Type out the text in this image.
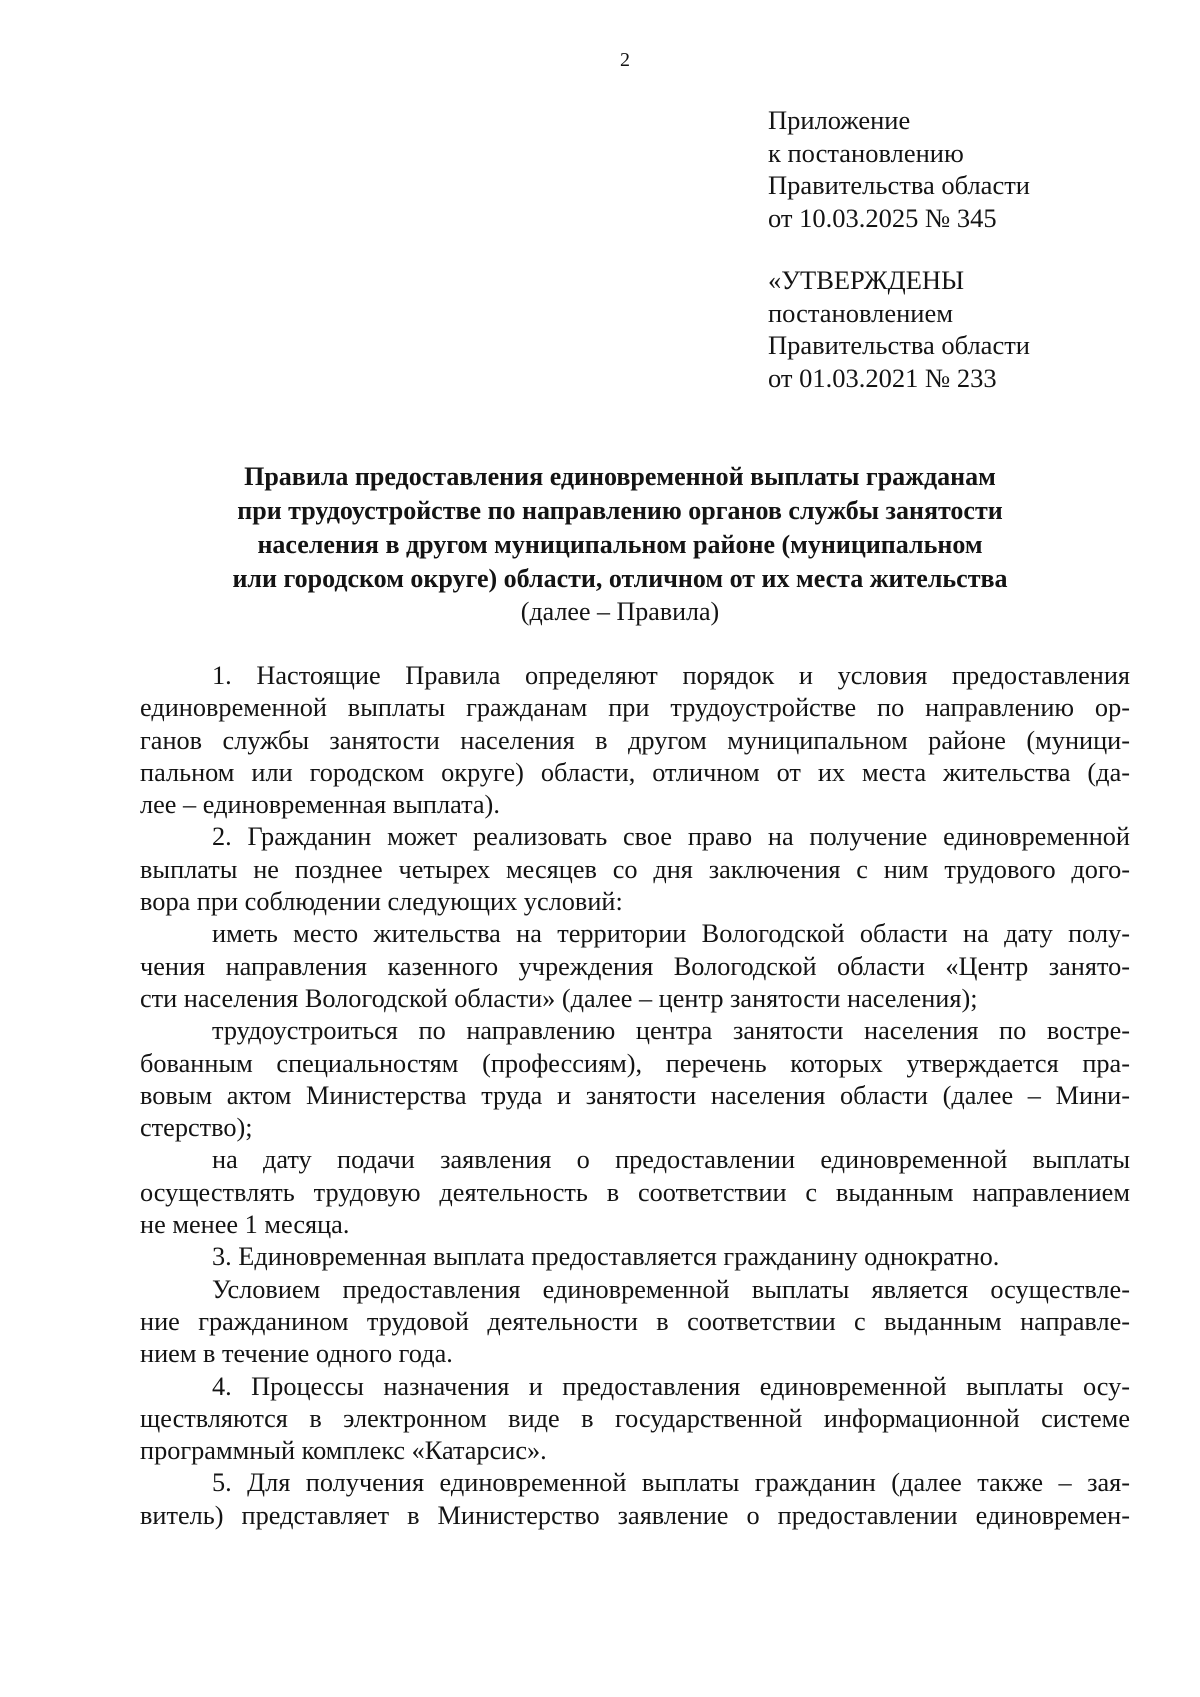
2
Приложение
к постановлению
Правительства области
от 10.03.2025 № 345
«УТВЕРЖДЕНЫ
постановлением
Правительства области
от 01.03.2021 № 233
Правила предоставления единовременной выплаты гражданам
при трудоустройстве по направлению органов службы занятости
населения в другом муниципальном районе (муниципальном
или городском округе) области, отличном от их места жительства
(далее – Правила)
1. Настоящие Правила определяют порядок и условия предоставления
единовременной выплаты гражданам при трудоустройстве по направлению ор-
ганов службы занятости населения в другом муниципальном районе (муници-
пальном или городском округе) области, отличном от их места жительства (да-
лее – единовременная выплата).
2. Гражданин может реализовать свое право на получение единовременной
выплаты не позднее четырех месяцев со дня заключения с ним трудового дого-
вора при соблюдении следующих условий:
иметь место жительства на территории Вологодской области на дату полу-
чения направления казенного учреждения Вологодской области «Центр занято-
сти населения Вологодской области» (далее – центр занятости населения);
трудоустроиться по направлению центра занятости населения по востре-
бованным специальностям (профессиям), перечень которых утверждается пра-
вовым актом Министерства труда и занятости населения области (далее – Мини-
стерство);
на дату подачи заявления о предоставлении единовременной выплаты
осуществлять трудовую деятельность в соответствии с выданным направлением
не менее 1 месяца.
3. Единовременная выплата предоставляется гражданину однократно.
Условием предоставления единовременной выплаты является осуществле-
ние гражданином трудовой деятельности в соответствии с выданным направле-
нием в течение одного года.
4. Процессы назначения и предоставления единовременной выплаты осу-
ществляются в электронном виде в государственной информационной системе
программный комплекс «Катарсис».
5. Для получения единовременной выплаты гражданин (далее также – зая-
витель) представляет в Министерство заявление о предоставлении единовремен-
